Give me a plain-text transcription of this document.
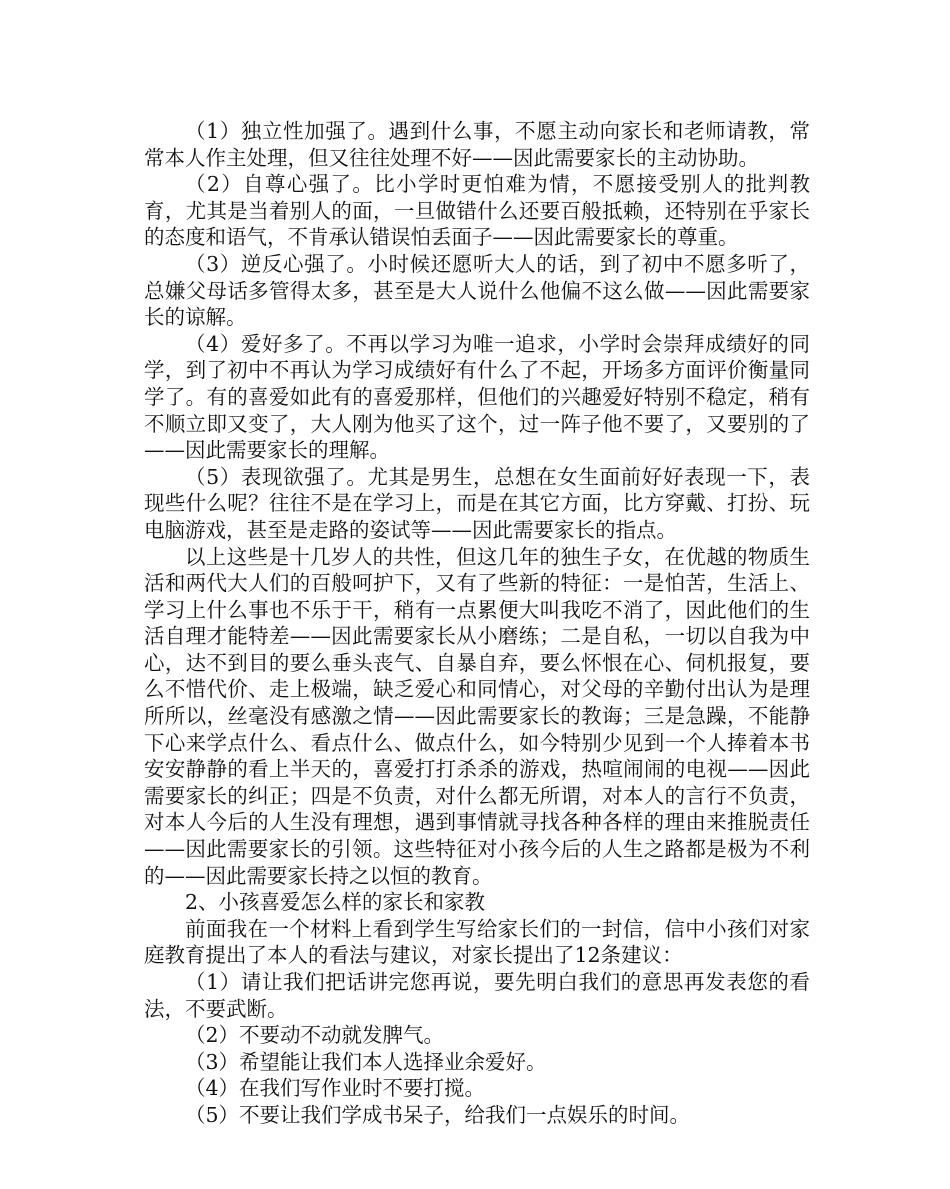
（1）独立性加强了。遇到什么事，不愿主动向家长和老师请教，常常本人作主处理，但又往往处理不好——因此需要家长的主动协助。

（2）自尊心强了。比小学时更怕难为情，不愿接受别人的批判教育，尤其是当着别人的面，一旦做错什么还要百般抵赖，还特别在乎家长的态度和语气，不肯承认错误怕丢面子——因此需要家长的尊重。

（3）逆反心强了。小时候还愿听大人的话，到了初中不愿多听了，总嫌父母话多管得太多，甚至是大人说什么他偏不这么做——因此需要家长的谅解。

（4）爱好多了。不再以学习为唯一追求，小学时会崇拜成绩好的同学，到了初中不再认为学习成绩好有什么了不起，开场多方面评价衡量同学了。有的喜爱如此有的喜爱那样，但他们的兴趣爱好特别不稳定，稍有不顺立即又变了，大人刚为他买了这个，过一阵子他不要了，又要别的了——因此需要家长的理解。

（5）表现欲强了。尤其是男生，总想在女生面前好好表现一下，表现些什么呢？往往不是在学习上，而是在其它方面，比方穿戴、打扮、玩电脑游戏，甚至是走路的姿试等——因此需要家长的指点。

以上这些是十几岁人的共性，但这几年的独生子女，在优越的物质生活和两代大人们的百般呵护下，又有了些新的特征：一是怕苦，生活上、学习上什么事也不乐于干，稍有一点累便大叫我吃不消了，因此他们的生活自理才能特差——因此需要家长从小磨练；二是自私，一切以自我为中心，达不到目的要么垂头丧气、自暴自弃，要么怀恨在心、伺机报复，要么不惜代价、走上极端，缺乏爱心和同情心，对父母的辛勤付出认为是理所所以，丝毫没有感激之情——因此需要家长的教诲；三是急躁，不能静下心来学点什么、看点什么、做点什么，如今特别少见到一个人捧着本书安安静静的看上半天的，喜爱打打杀杀的游戏，热喧闹闹的电视——因此需要家长的纠正；四是不负责，对什么都无所谓，对本人的言行不负责，对本人今后的人生没有理想，遇到事情就寻找各种各样的理由来推脱责任——因此需要家长的引领。这些特征对小孩今后的人生之路都是极为不利的——因此需要家长持之以恒的教育。

2、小孩喜爱怎么样的家长和家教

前面我在一个材料上看到学生写给家长们的一封信，信中小孩们对家庭教育提出了本人的看法与建议，对家长提出了12条建议：

（1）请让我们把话讲完您再说，要先明白我们的意思再发表您的看法，不要武断。

（2）不要动不动就发脾气。

（3）希望能让我们本人选择业余爱好。

（4）在我们写作业时不要打搅。

（5）不要让我们学成书呆子，给我们一点娱乐的时间。
